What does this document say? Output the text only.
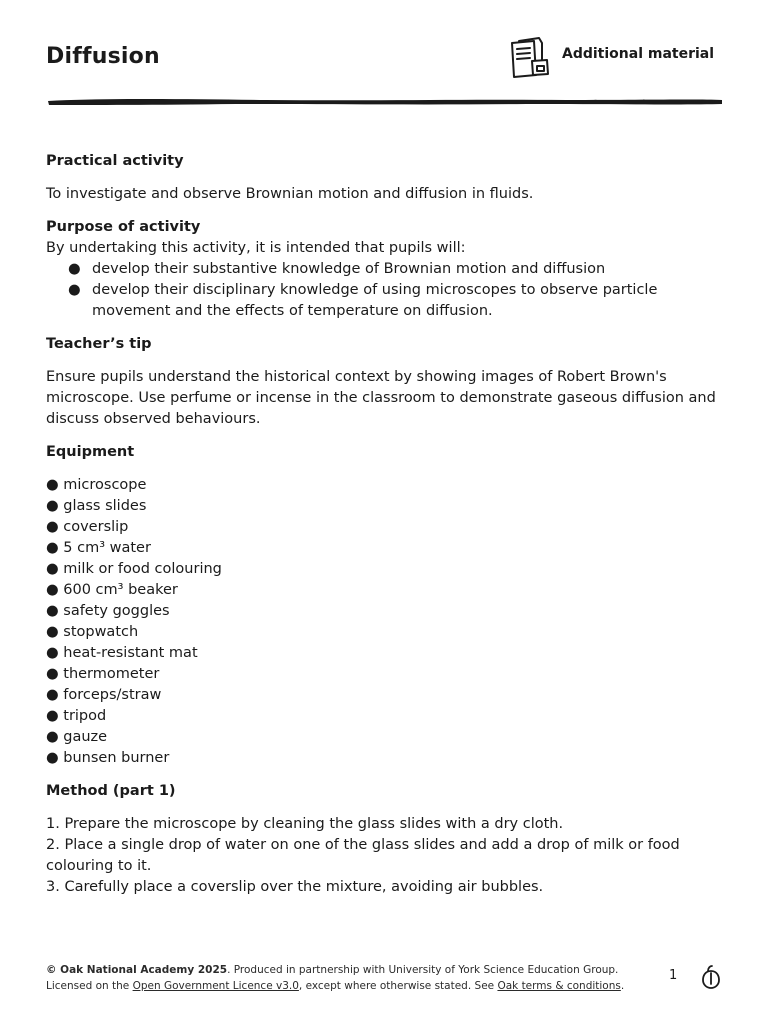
Diffusion	Additional material

Practical activity

To investigate and observe Brownian motion and diffusion in fluids.

Purpose of activity

By undertaking this activity, it is intended that pupils will:

● develop their substantive knowledge of Brownian motion and diffusion
● develop their disciplinary knowledge of using microscopes to observe particle movement and the effects of temperature on diffusion.

Teacher’s tip

Ensure pupils understand the historical context by showing images of Robert Brown's microscope. Use perfume or incense in the classroom to demonstrate gaseous diffusion and discuss observed behaviours.

Equipment

● microscope
● glass slides
● coverslip
● 5 cm³ water
● milk or food colouring
● 600 cm³ beaker
● safety goggles
● stopwatch
● heat-resistant mat
● thermometer
● forceps/straw
● tripod
● gauze
● bunsen burner

Method (part 1)

1. Prepare the microscope by cleaning the glass slides with a dry cloth.
2. Place a single drop of water on one of the glass slides and add a drop of milk or food colouring to it.
3. Carefully place a coverslip over the mixture, avoiding air bubbles.
© Oak National Academy 2025. Produced in partnership with University of York Science Education Group.
Licensed on the Open Government Licence v3.0, except where otherwise stated. See Oak terms & conditions.
1
